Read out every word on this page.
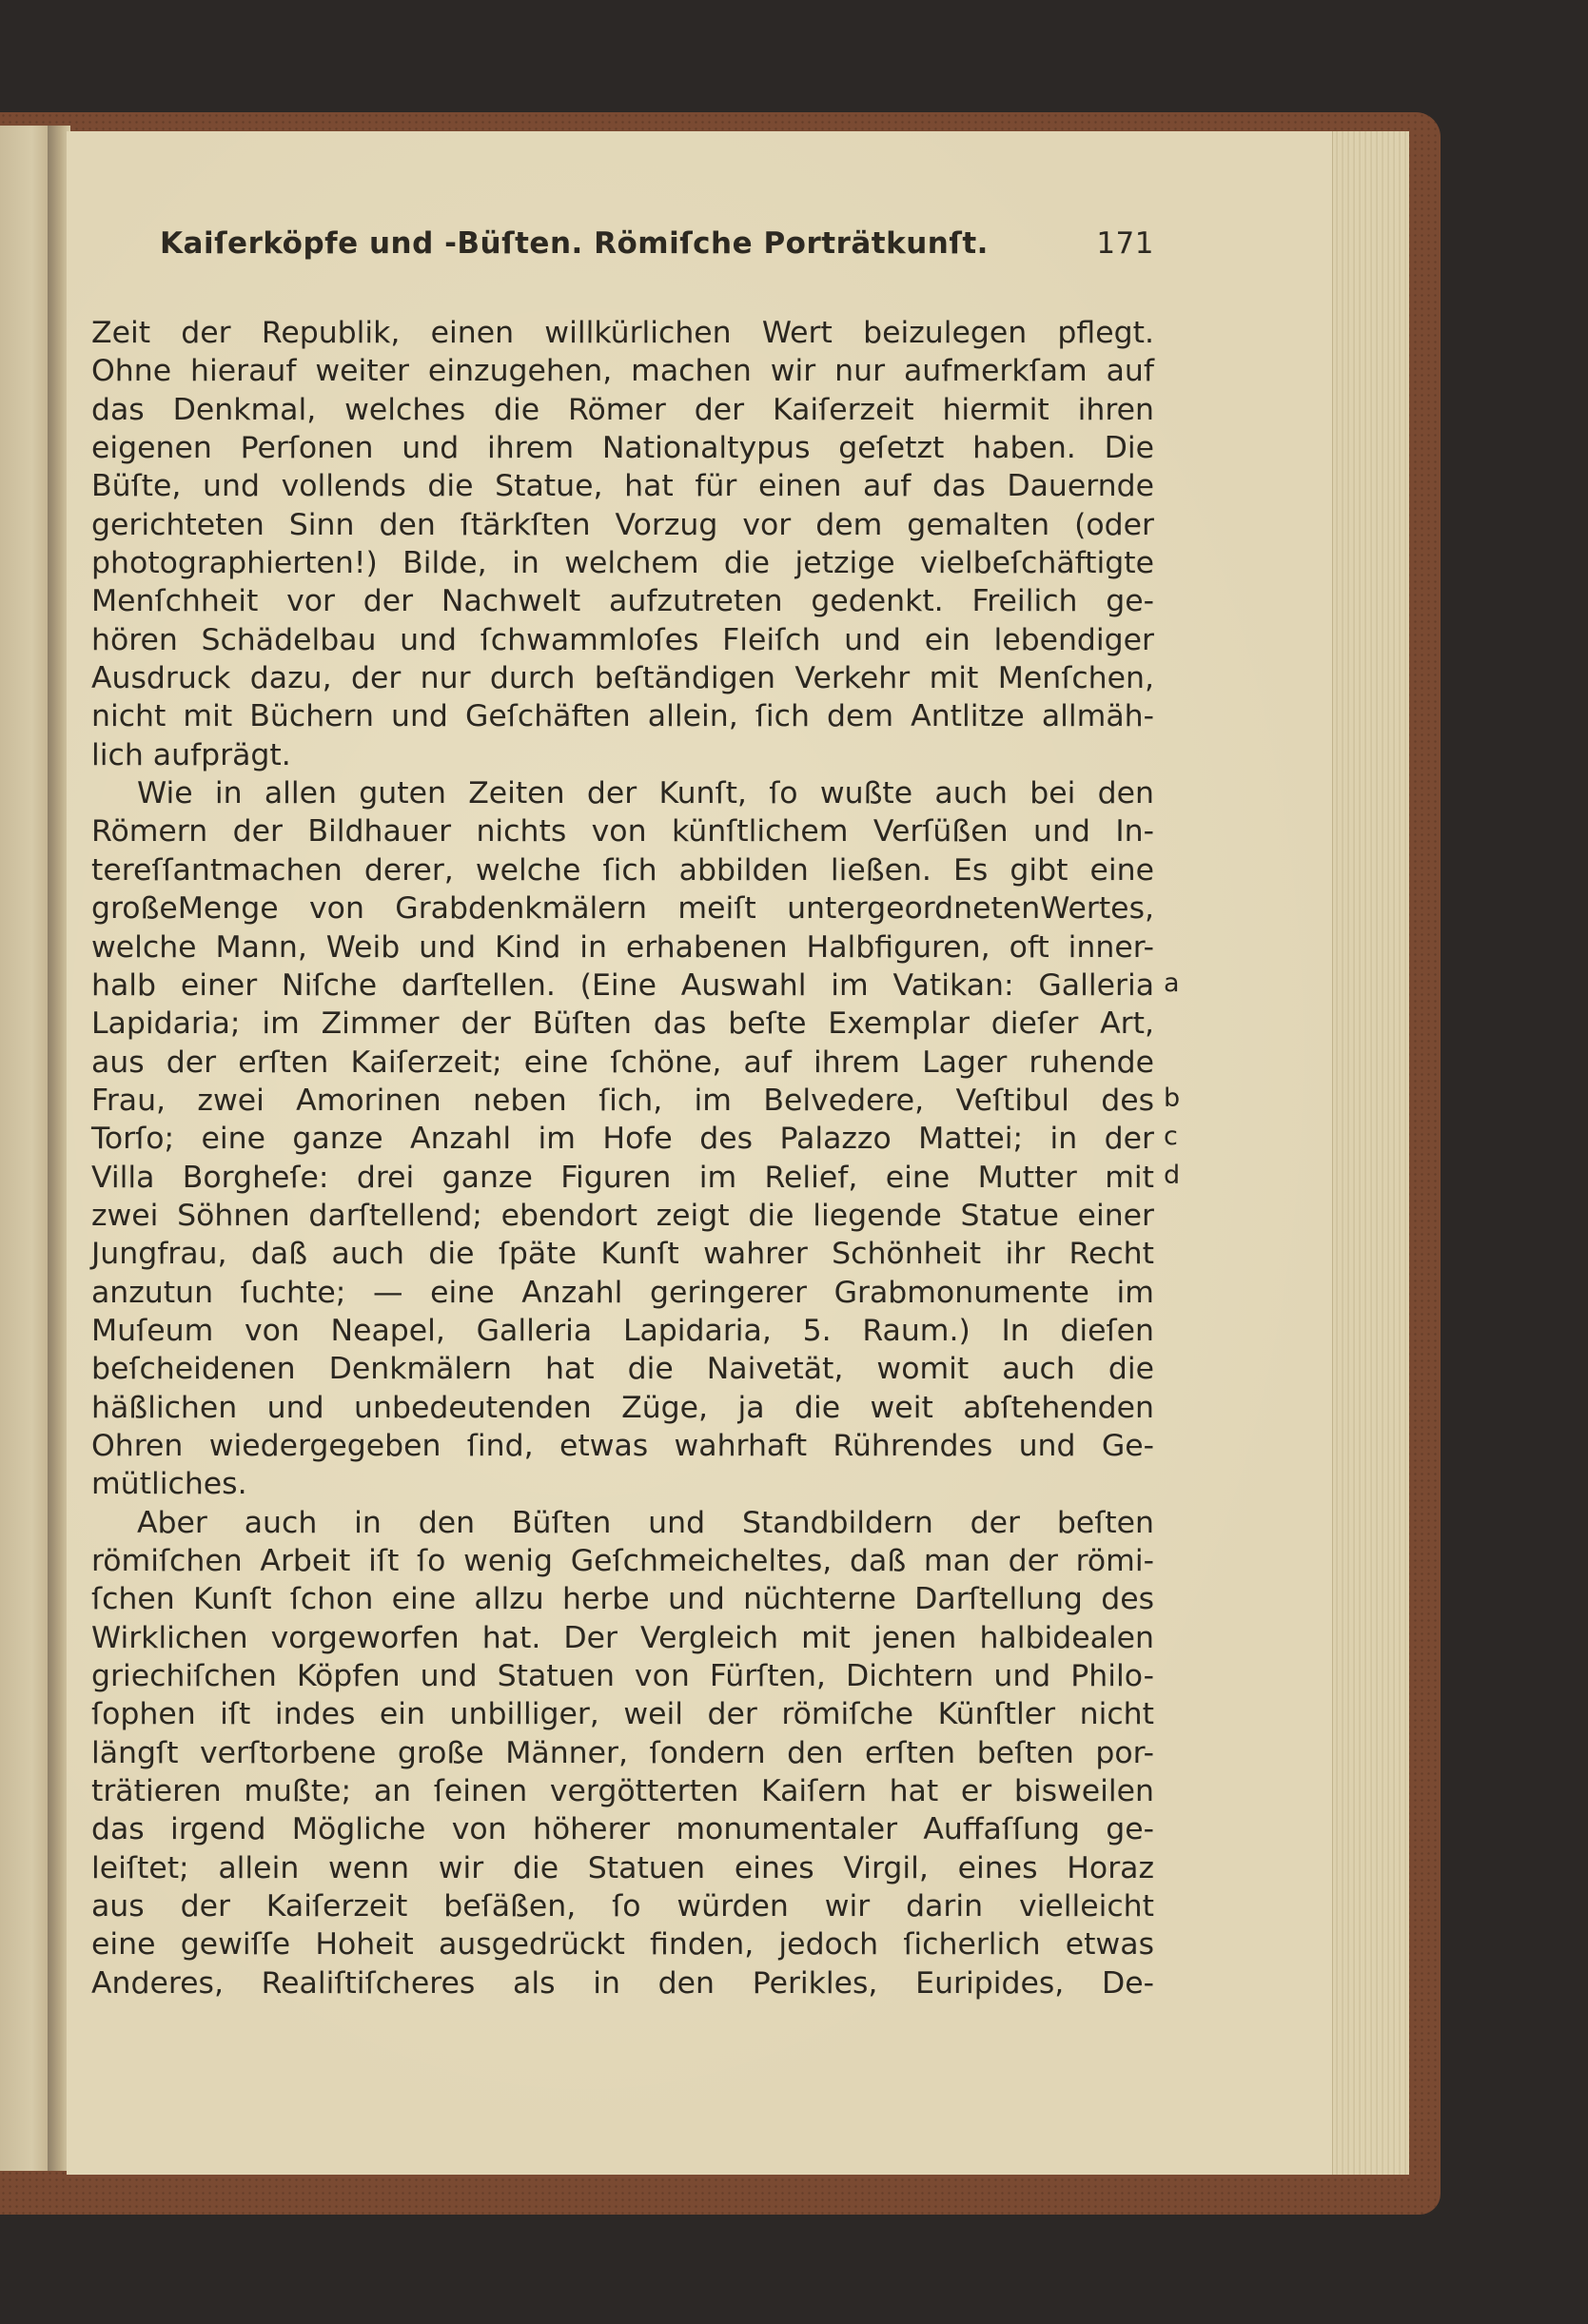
Kaiſerköpfe und -Büſten. Römiſche Porträtkunſt.	171
Zeit der Republik, einen willkürlichen Wert beizulegen pflegt.
Ohne hierauf weiter einzugehen, machen wir nur aufmerkſam auf
das Denkmal, welches die Römer der Kaiſerzeit hiermit ihren
eigenen Perſonen und ihrem Nationaltypus geſetzt haben. Die
Büſte, und vollends die Statue, hat für einen auf das Dauernde
gerichteten Sinn den ſtärkſten Vorzug vor dem gemalten (oder
photographierten!) Bilde, in welchem die jetzige vielbeſchäftigte
Menſchheit vor der Nachwelt aufzutreten gedenkt. Freilich ge-
hören Schädelbau und ſchwammloſes Fleiſch und ein lebendiger
Ausdruck dazu, der nur durch beſtändigen Verkehr mit Menſchen,
nicht mit Büchern und Geſchäften allein, ſich dem Antlitze allmäh-
lich aufprägt.
Wie in allen guten Zeiten der Kunſt, ſo wußte auch bei den
Römern der Bildhauer nichts von künſtlichem Verſüßen und In-
tereſſantmachen derer, welche ſich abbilden ließen. Es gibt eine
großeMenge von Grabdenkmälern meiſt untergeordnetenWertes,
welche Mann, Weib und Kind in erhabenen Halbfiguren, oft inner-
halb einer Niſche darſtellen. (Eine Auswahl im Vatikan: Galleria
Lapidaria; im Zimmer der Büſten das beſte Exemplar dieſer Art,
aus der erſten Kaiſerzeit; eine ſchöne, auf ihrem Lager ruhende
Frau, zwei Amorinen neben ſich, im Belvedere, Veſtibul des
Torſo; eine ganze Anzahl im Hofe des Palazzo Mattei; in der
Villa Borgheſe: drei ganze Figuren im Relief, eine Mutter mit
zwei Söhnen darſtellend; ebendort zeigt die liegende Statue einer
Jungfrau, daß auch die ſpäte Kunſt wahrer Schönheit ihr Recht
anzutun ſuchte; — eine Anzahl geringerer Grabmonumente im
Muſeum von Neapel, Galleria Lapidaria, 5. Raum.) In dieſen
beſcheidenen Denkmälern hat die Naivetät, womit auch die
häßlichen und unbedeutenden Züge, ja die weit abſtehenden
Ohren wiedergegeben ſind, etwas wahrhaft Rührendes und Ge-
mütliches.
Aber auch in den Büſten und Standbildern der beſten
römiſchen Arbeit iſt ſo wenig Geſchmeicheltes, daß man der römi-
ſchen Kunſt ſchon eine allzu herbe und nüchterne Darſtellung des
Wirklichen vorgeworfen hat. Der Vergleich mit jenen halbidealen
griechiſchen Köpfen und Statuen von Fürſten, Dichtern und Philo-
ſophen iſt indes ein unbilliger, weil der römiſche Künſtler nicht
längſt verſtorbene große Männer, ſondern den erſten beſten por-
trätieren mußte; an ſeinen vergötterten Kaiſern hat er bisweilen
das irgend Mögliche von höherer monumentaler Auffaſſung ge-
leiſtet; allein wenn wir die Statuen eines Virgil, eines Horaz
aus der Kaiſerzeit beſäßen, ſo würden wir darin vielleicht
eine gewiſſe Hoheit ausgedrückt finden, jedoch ſicherlich etwas
Anderes, Realiſtiſcheres als in den Perikles, Euripides, De-
a
b
c
d
